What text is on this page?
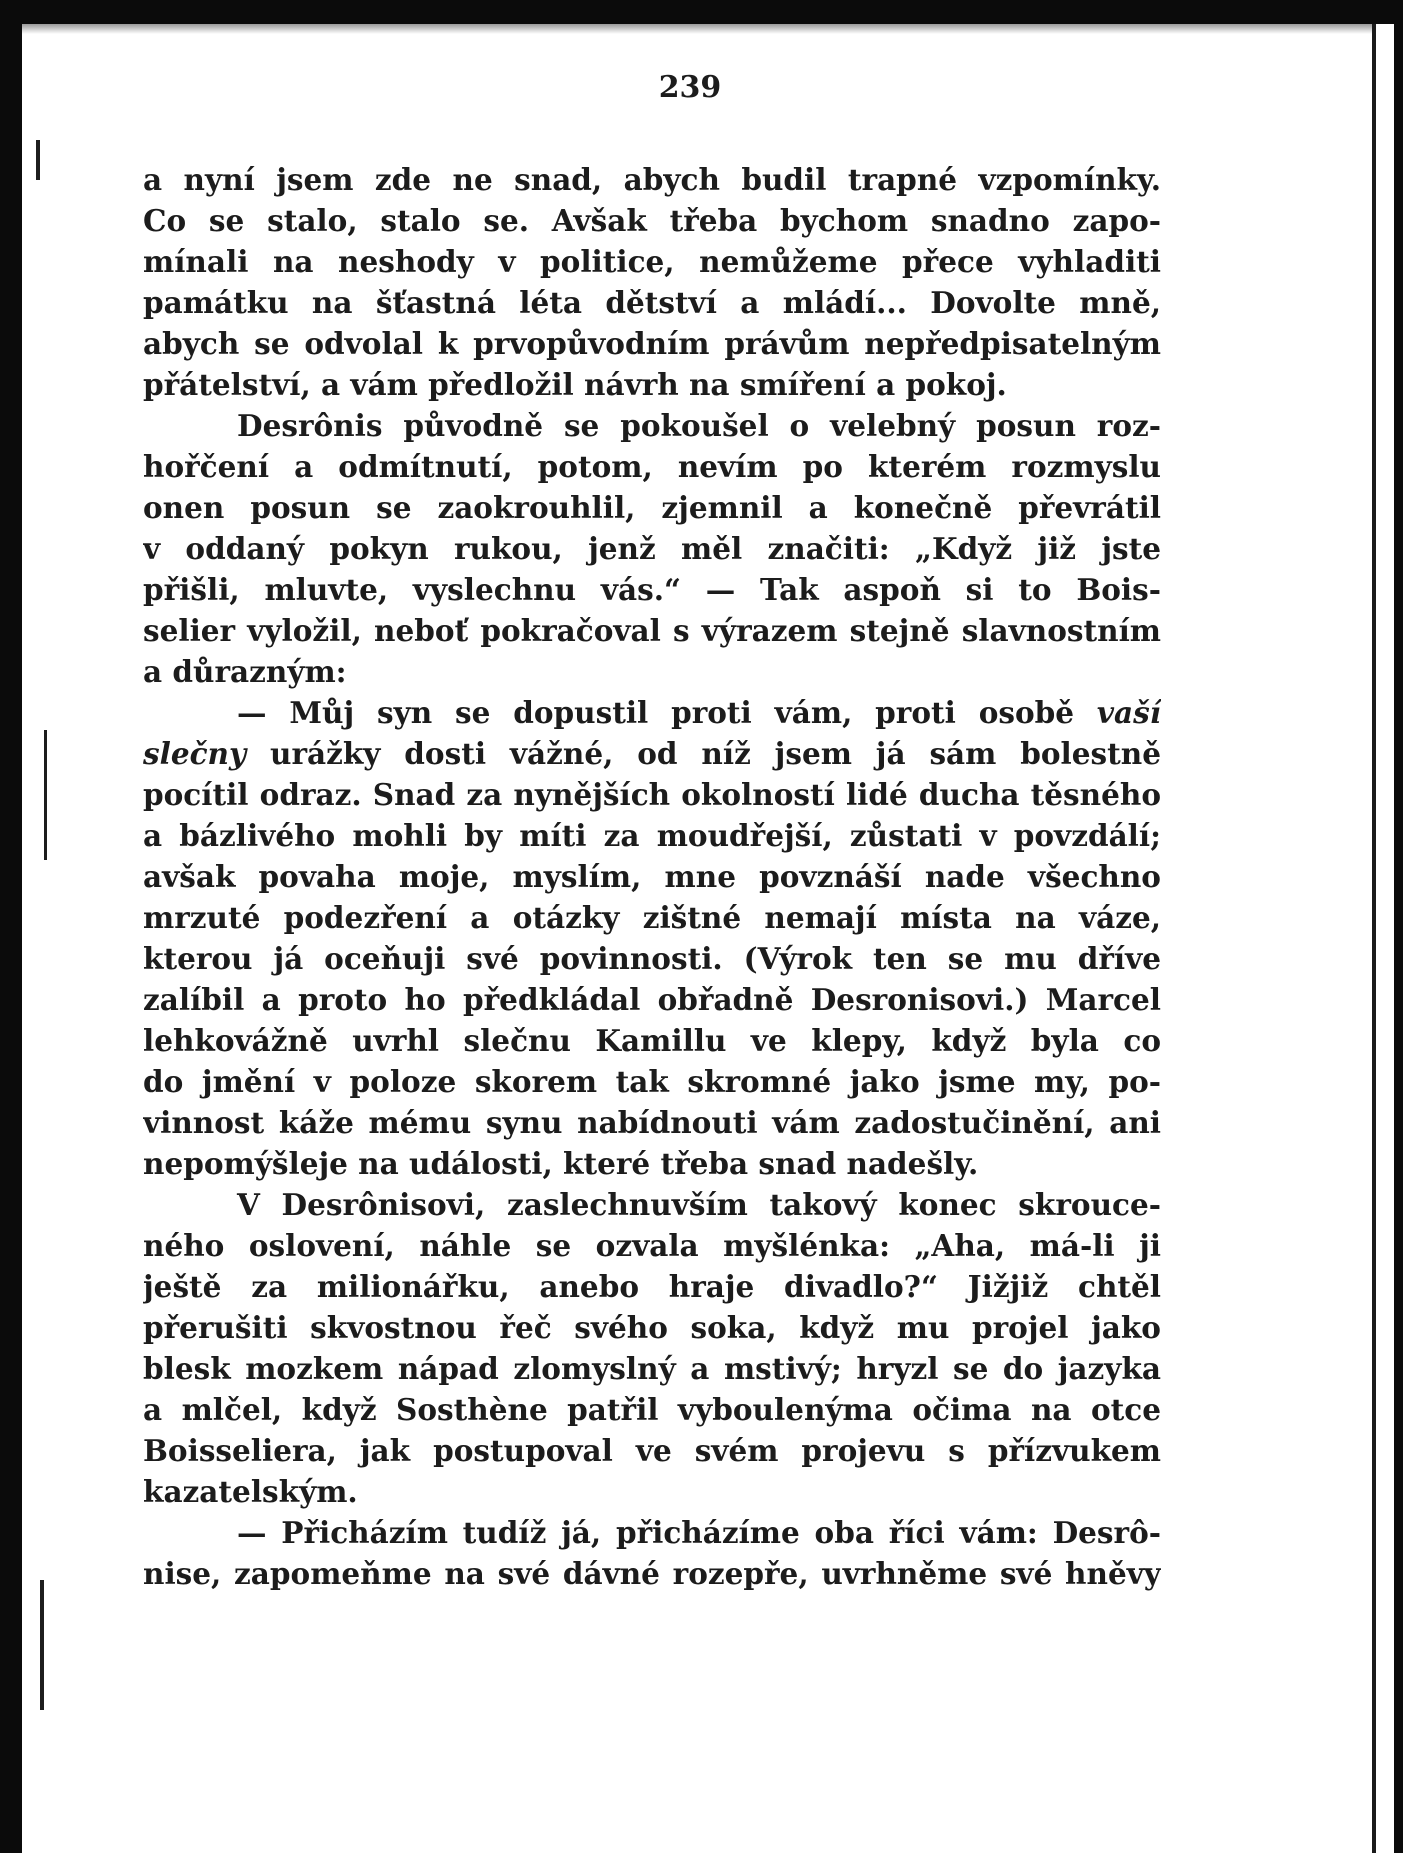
239
a nyní jsem zde ne snad, abych budil trapné vzpomínky.
Co se stalo, stalo se. Avšak třeba bychom snadno zapo-
mínali na neshody v politice, nemůžeme přece vyhladiti
památku na šťastná léta dětství a mládí... Dovolte mně,
abych se odvolal k prvopůvodním právům nepředpisatelným
přátelství, a vám předložil návrh na smíření a pokoj.
Desrônis původně se pokoušel o velebný posun roz-
hořčení a odmítnutí, potom, nevím po kterém rozmyslu
onen posun se zaokrouhlil, zjemnil a konečně převrátil
v oddaný pokyn rukou, jenž měl značiti: „Když již jste
přišli, mluvte, vyslechnu vás.“ — Tak aspoň si to Bois-
selier vyložil, neboť pokračoval s výrazem stejně slavnostním
a důrazným:
— Můj syn se dopustil proti vám, proti osobě vaší
slečny urážky dosti vážné, od níž jsem já sám bolestně
pocítil odraz. Snad za nynějších okolností lidé ducha těsného
a bázlivého mohli by míti za moudřejší, zůstati v povzdálí;
avšak povaha moje, myslím, mne povznáší nade všechno
mrzuté podezření a otázky zištné nemají místa na váze,
kterou já oceňuji své povinnosti. (Výrok ten se mu dříve
zalíbil a proto ho předkládal obřadně Desronisovi.) Marcel
lehkovážně uvrhl slečnu Kamillu ve klepy, když byla co
do jmění v poloze skorem tak skromné jako jsme my, po-
vinnost káže mému synu nabídnouti vám zadostučinění, ani
nepomýšleje na události, které třeba snad nadešly.
V Desrônisovi, zaslechnuvším takový konec skrouce-
ného oslovení, náhle se ozvala myšlénka: „Aha, má-li ji
ještě za milionářku, anebo hraje divadlo?“ Jižjiž chtěl
přerušiti skvostnou řeč svého soka, když mu projel jako
blesk mozkem nápad zlomyslný a mstivý; hryzl se do jazyka
a mlčel, když Sosthène patřil vyboulenýma očima na otce
Boisseliera, jak postupoval ve svém projevu s přízvukem
kazatelským.
— Přicházím tudíž já, přicházíme oba říci vám: Desrô-
nise, zapomeňme na své dávné rozepře, uvrhněme své hněvy
